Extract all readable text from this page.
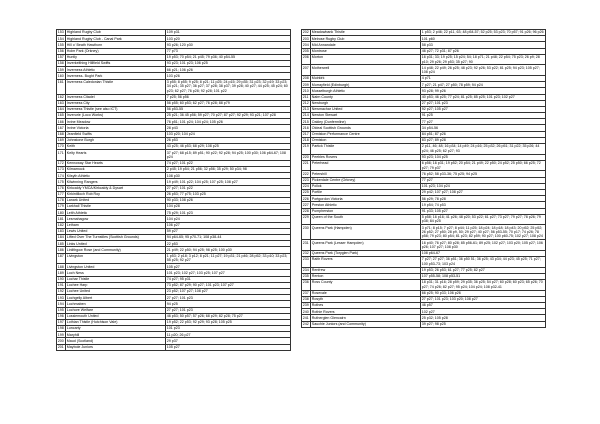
153 Highland Rugby Club	109 p31
154 Highland Rugby Club - Canal Park	103 p20
155 Hill o' Beath Hawthorn	93 p26; 120 p30
156 Holm Park (Orkney)	77 p73
157 Huntly	19 p53; 70 p54; 21 p45; 79 p36; 40 p54-55
158 Inverkeithing Hillfield Swifts	93 p23; 101 p23; 106 p25
159 Inverness Athletic	66 p21; 106 p26
160 Inverness- Bught Park	103 p26
161 Inverness Caledonian Thistle	3 p55; 8 p55; 9 p25; 8 p21; 11 p25; 24 p15; 29 p35; 31 p23; 32 p19; 33 p23; 34 p21; 35 p27; 36 p27; 37 p28; 38 p37; 39 p28; 40 p27; 44 p25; 45 p24; 60 p23; 62 p27; 76 p28; 92 p28; 101 p22
162 Inverness Citadel	7 p25; 56 p56
163 Inverness City	56 p55; 60 p53; 62 p27; 76 p28; 88 p79
164 Inverness Thistle (see also ICT)	56 p53-55
165 Inverurie (Loco Works)	25 p21; 36 45 p56; 59 p27; 70 p27; 87 p27; 92 p29; 93 p21; 107 p28
166 Irvine Meadow	76 p51; 101 p24; 104 p24; 105 p26
167 Irvine Victoria	28 p43
168 Jeanfield Swifts	103 p20; 104 p24
169 Johnstone Burgh	26 p53
170 Keith	43 p25; 46 p53; 68 p29; 108 p25
171 Kelty Hearts	37 p27; 68 p15; 89 p51; 90 p22; 92 p28; 94 p25; 100 p30; 106 p64-67; 108 p24
172 Kennoway Star Hearts	74 p27; 101 p22
173 Kilmarnock	2 p45; 19 p54; 21 p56; 32 p56; 35 p29; 50 p34; 98
174 Kilsyth Athletic	108 p30
175 Kilwinning Rangers	19 p49; 101 p22; 104 p25; 107 p25; 108 p27
176 Kirkcaldy YMCA/Kirkcaldy & Dysart	27 p27; 101 p22
177 Kirkintilloch Rob Roy	26 p53; 77 p75; 103 p25
178 Lanark United	90 p33; 108 p26
179 Larkhall Thistle	104 p28
180 Leith Athletic	75 p29; 101 p23
181 Lesmahagow	104 p24
182 Letham	106 p27
183 Lewis United	59 p27
184 Lifted Over The Turnstiles (Scottish Grounds)	94 p64-65; 95 p70-71; 108 p38-44
185 Links United	22 p53
186 Linlithgow Rose (and Community)	21 p49; 22 p50; 94 p25; 98 p25; 100 p30
187 Livingston	1 p53; 2 p18; 3 p12; 8 p21; 11 p27; 19 p31; 21 p46; 28 p52; 33 p10; 33 p23; 55 p25; 92 p27
188 Livingston United	105 p27
189 Loch Ness	101 p23; 102 p27; 103 p25; 107 p27
190 Lochar Thistle	74 p27; 95 p31
191 Lochee Harp	73 p52; 87 p29; 90 p27; 101 p23; 107 p27
192 Lochee United	23 p52; 107 p27; 108 p27
193 Lochgelly Albert	27 p27; 101 p23
194 Lochmaben	94 p25
195 Lochore Welfare	27 p27; 101 p23
196 Lossiemouth United	46 p53; 50 p57; 57 p26; 68 p29; 82 p28; 75 p27
197 Lothian Thistle (Hutchison Vale)	19 p52; 22 p53; 92 p29; 93 p28; 105 p25
198 Luncarty	101 p23
199 Maryhill	11 p20; 26 p27
200 Maud (Scotland)	29 p37
201 Maybole Juniors	105 p27
202 Meadowbank Thistle	1 p53; 2 p46; 22 p11, 63; 48 p54-57; 52 p25; 53 p23; 70 p57; 91 p26; 96 p26
203 Melrose Rugby Club	101 p60
204 Mid Annandale	58 p33
205 Montrose	46 p27; 72 p31; 87 p26
206 Morton	16 p31; 33; 19 p25; 15 p24; 54; 18 p71; 21 p48; 22 p54; 75 p23; 26 p9; 28 p10; 29 p26; 29 p53; 35 p27; 90
207 Motherwell	14 p48; 22 p49; 26 p25; 48 p23; 92 p26; 53 p22; 81 p25; 94 p23; 105 p27; 108 p24
208 Muirkirk	4 p71
209 Murrayfield (Edinburgh)	7 p27; 21 p47; 27 p50; 78 p59; 94 p24
210 Musselburgh Athletic	93 p28; 99 p26
211 Nairn County	40 p53; 46 p25; 77 p24; 81 p25; 85 p25; 101 p23; 102 p27
212 Newburgh	27 p27; 101 p23
213 Newmachar United	92 p27; 105 p27
214 Newton Stewart	91 p25
215 Oakley (Dunfermline)	77 p27
216 Oldeal Scottish Grounds	34 p54-56
217 Ormiston Performance Centre	84 p51; 87 p26
218 Ormiston	83 p27; 89 p28
219 Partick Thistle	2 p11, 46; 48; 16 p34; 14 p49; 24 p16; 25 p32; 26 p51; 31 p22; 35 p26; 44 p24; 46 p25; 62 p27; 93
220 Peebles Rovers	93 p23; 104 p25
221 Peterhead	6 p56; 16 p31; 19 p52; 20 p54; 21 p49; 22 p50; 24 p52; 25 p50; 66 p25; 72 p27; 79 p37
222 Petershill	76 p52; 58 p33-36; 75 p25; 94 p25
223 Pickerdale Centre (Orkney)	77 p27
224 Pollok	101 p23; 104 p24
225 Portlie	29 p42; 107 p27; 108 p27
226 Portgordon Victoria	56 p29; 78 p28
227 Preston Athletic	19 p54; 74 p53
228 Pumpherston	91 p33; 105 p27
229 Queen of the South	5 p58; 16 p16; 41 p26; 48 p20; 53 p22; 61 p27; 73 p27; 79 p27; 78 p26; 79 p38; 84 p25
230 Queens Park (Hampden)	3 p71; 8 p15; 7 p27; 8 p44; 11 p25; 18 p24; 18 p18; 18 p43; 20 p52; 25 p52; 26 p52; 27 p50; 28 p9, 50; 29 p27; 40 p27; 56 p53-55; 70 p17; 74 p26; 78 p58; 79 p23; 80 p54; 81 p23; 82 p59; 90 p27; 100 p60-75; 102 p27; 108 p24
231 Queens Park (Lesser Hampden)	16 p40; 76 p27; 80 p28; 85 p56-61; 89 p25; 102 p27; 103 p20; 105 p27; 106 p26; 107 p27; 108 p30
232 Queens Park (Toryglen Park)	108 p64-67
233 Raith Rovers	7 p27; 27 p27; 36 p51; 36 p50 51; 36 p25; 43 p34; 44 p23; 45 p25; 71 p27; 100 p53-73; 103 p24
234 Renfrew	19 p53; 26 p53; 61 p27; 77 p25; 82 p27
235 Renton	107 p55-58; 108 p53-51
236 Ross County	18 p31; 31 p16; 28 p59; 29 p35; 36 p25; 54 p27; 60 p28; 60 p23; 65 p26; 70 p27; 74 p26; 82 p27; 95 p24; 104 p24; 108 p32-41
237 Rosevale	66 p25; 90 p33; 106 p26
238 Rosyth	27 p27; 101 p23; 103 p20; 108 p27
239 Rothes	46 p57
240 Rothie Rovers	102 p27
241 Rutherglen Glencairn	25 p32; 105 p28
242 Sauchie Juniors (and Community)	39 p27; 98 p25
